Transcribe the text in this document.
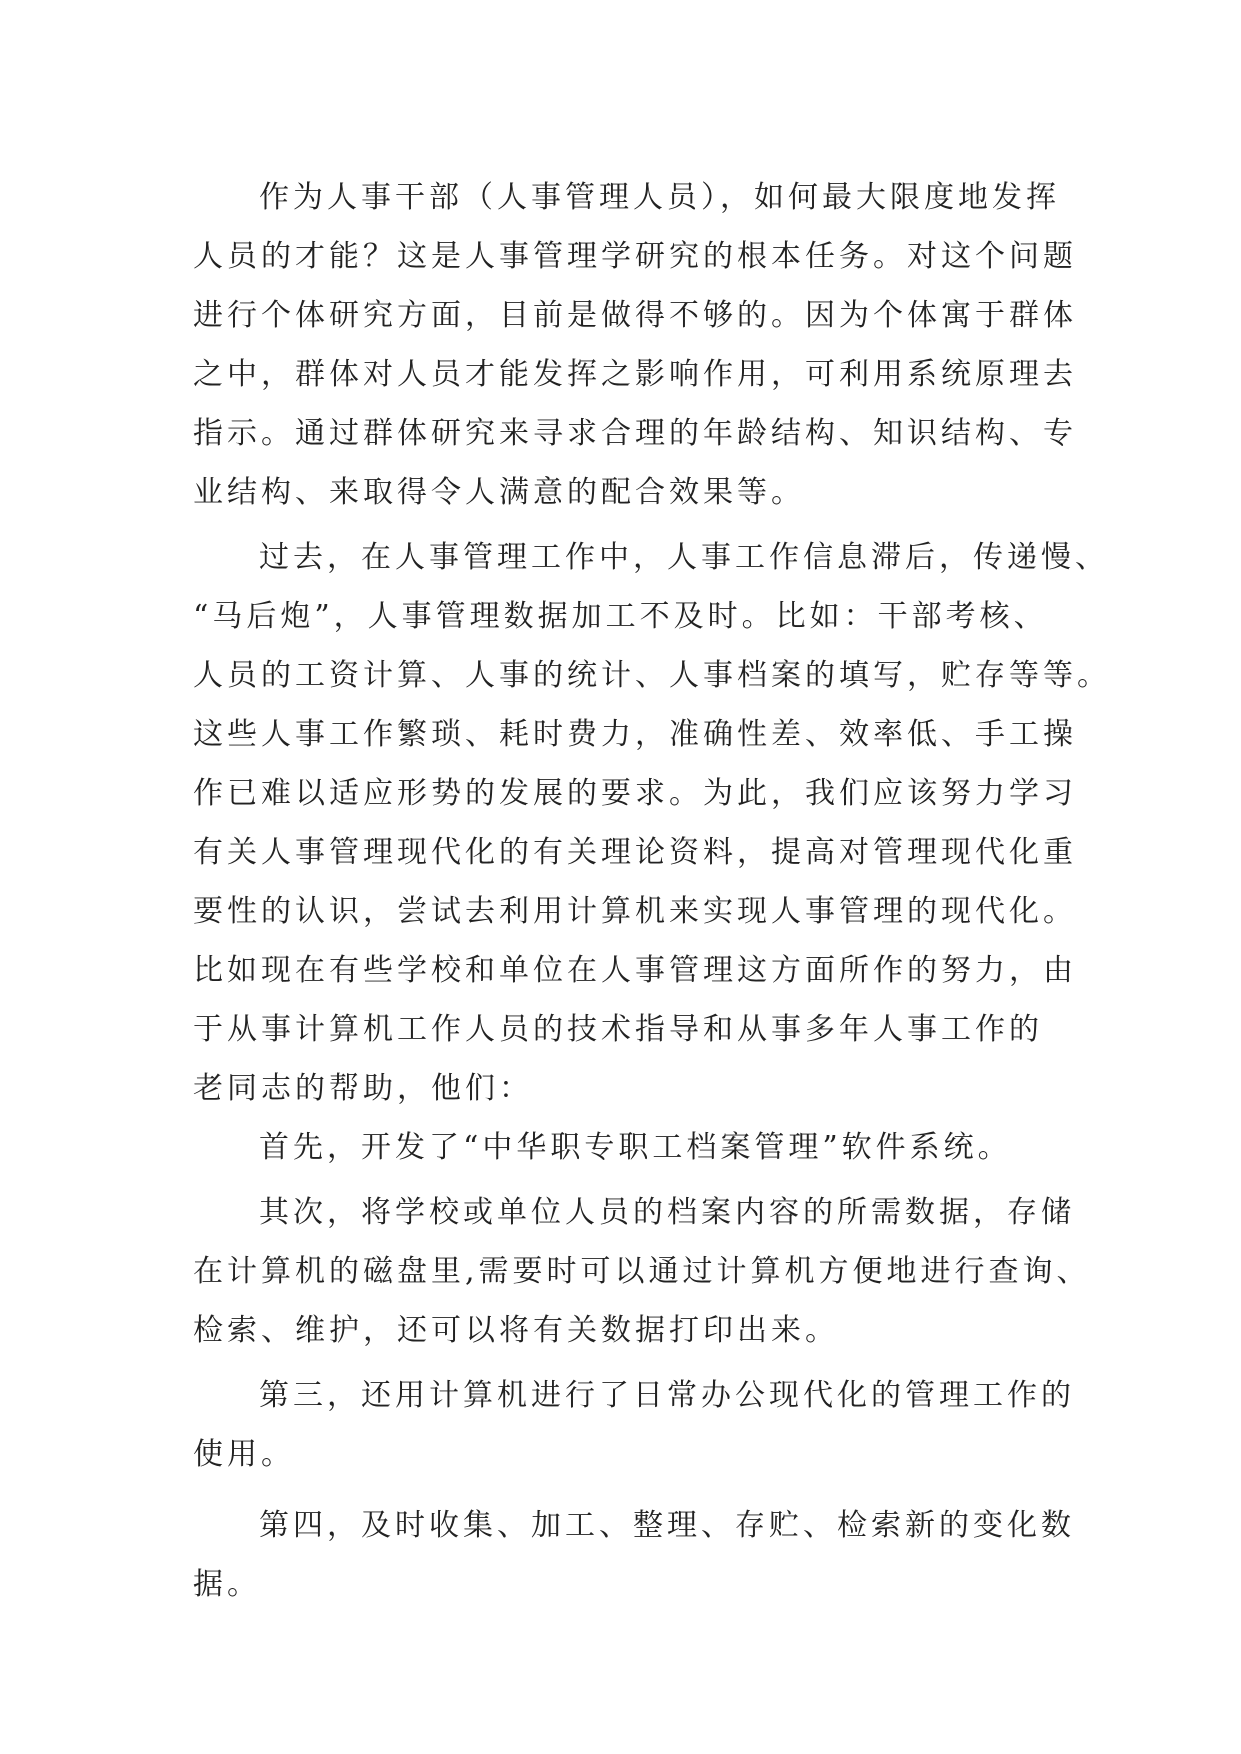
作为人事干部（人事管理人员），如何最大限度地发挥
人员的才能？这是人事管理学研究的根本任务。对这个问题
进行个体研究方面，目前是做得不够的。因为个体寓于群体
之中，群体对人员才能发挥之影响作用，可利用系统原理去
指示。通过群体研究来寻求合理的年龄结构、知识结构、专
业结构、来取得令人满意的配合效果等。
过去，在人事管理工作中，人事工作信息滞后，传递慢、
“马后炮”，人事管理数据加工不及时。比如：干部考核、
人员的工资计算、人事的统计、人事档案的填写，贮存等等。
这些人事工作繁琐、耗时费力，准确性差、效率低、手工操
作已难以适应形势的发展的要求。为此，我们应该努力学习
有关人事管理现代化的有关理论资料，提高对管理现代化重
要性的认识，尝试去利用计算机来实现人事管理的现代化。
比如现在有些学校和单位在人事管理这方面所作的努力，由
于从事计算机工作人员的技术指导和从事多年人事工作的
老同志的帮助，他们：
首先，开发了“中华职专职工档案管理”软件系统。
其次，将学校或单位人员的档案内容的所需数据，存储
在计算机的磁盘里,需要时可以通过计算机方便地进行查询、
检索、维护，还可以将有关数据打印出来。
第三，还用计算机进行了日常办公现代化的管理工作的
使用。
第四，及时收集、加工、整理、存贮、检索新的变化数
据。
